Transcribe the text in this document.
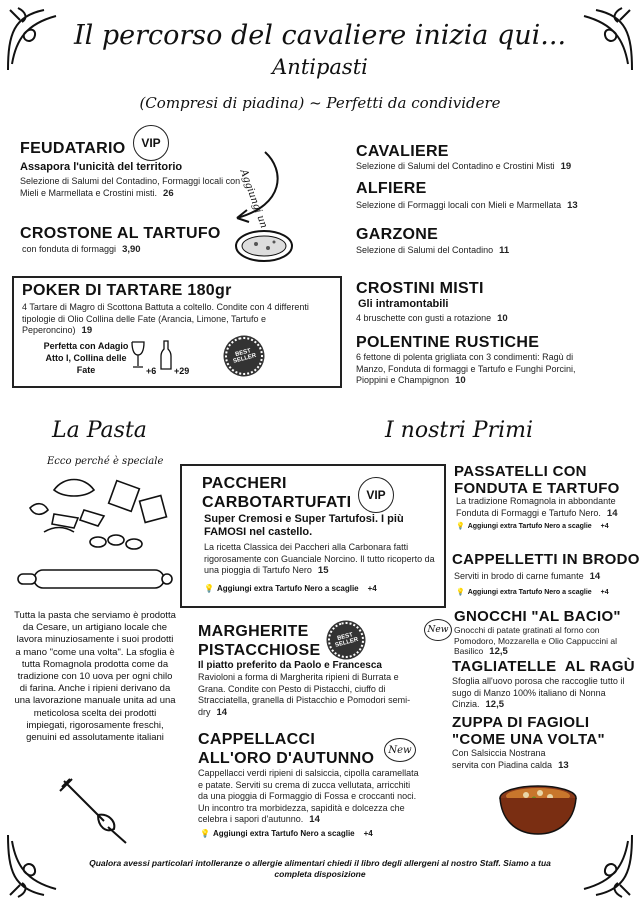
Il percorso del cavaliere inizia qui...
Antipasti
(Compresi di piadina) ~ Perfetti da condividere
FEUDATARIO	VIP
Assapora l'unicità del territorio
Selezione di Salumi del Contadino, Formaggi locali con Mieli e Marmellata e Crostini misti. 26	Aggiungi un
CROSTONE AL TARTUFO
con fonduta di formaggi 3,90
POKER DI TARTARE 180gr
4 Tartare di Magro di Scottona Battuta a coltello. Condite con 4 differenti tipologie di Olio Collina delle Fate (Arancia, Limone, Tartufo e Peperoncino) 19
Perfetta con Adagio Atto I, Collina delle Fate	+6 +29
BEST SELLER
CAVALIERE
Selezione di Salumi del Contadino e Crostini Misti 19
ALFIERE
Selezione di Formaggi locali con Mieli e Marmellata 13
GARZONE
Selezione di Salumi del Contadino 11
CROSTINI MISTI
Gli intramontabili
4 bruschette con gusti a rotazione 10
POLENTINE RUSTICHE
6 fettone di polenta grigliata con 3 condimenti: Ragù di Manzo, Fonduta di formaggi e Tartufo e Funghi Porcini, Pioppini e Champignon 10
La Pasta
Ecco perché è speciale
Tutta la pasta che serviamo è prodotta da Cesare, un artigiano locale che lavora minuziosamente i suoi prodotti a mano "come una volta". La sfoglia è tutta Romagnola prodotta come da tradizione con 10 uova per ogni chilo di farina. Anche i ripieni derivano da una lavorazione manuale unita ad una meticolosa scelta dei prodotti impiegati, rigorosamente freschi, genuini ed assolutamente italiani
I nostri Primi
PACCHERI CARBOTARTUFATI	VIP
Super Cremosi e Super Tartufosi. I più FAMOSI nel castello.
La ricetta Classica dei Paccheri alla Carbonara fatti rigorosamente con Guanciale Norcino. Il tutto ricoperto da una pioggia di Tartufo Nero 15
💡 Aggiungi extra Tartufo Nero a scaglie +4
MARGHERITE PISTACCHIOSE
BEST SELLER
Il piatto preferito da Paolo e Francesca
Ravioloni a forma di Margherita ripieni di Burrata e Grana. Condite con Pesto di Pistacchi, ciuffo di Stracciatella, granella di Pistacchio e Pomodori semi-dry 14
CAPPELLACCI ALL'ORO D'AUTUNNO	New
Cappellacci verdi ripieni di salsiccia, cipolla caramellata e patate. Serviti su crema di zucca vellutata, arricchiti da una pioggia di Formaggio di Fossa e croccanti noci. Un incontro tra morbidezza, sapidità e dolcezza che celebra i sapori d'autunno. 14
💡 Aggiungi extra Tartufo Nero a scaglie +4
PASSATELLI CON FONDUTA E TARTUFO
La tradizione Romagnola in abbondante Fonduta di Formaggi e Tartufo Nero. 14
💡 Aggiungi extra Tartufo Nero a scaglie +4
CAPPELLETTI IN BRODO
Serviti in brodo di carne fumante 14
💡 Aggiungi extra Tartufo Nero a scaglie +4
New
GNOCCHI "AL BACIO"
Gnocchi di patate gratinati al forno con Pomodoro, Mozzarella e Olio Cappuccini al Basilico 12,5
TAGLIATELLE  AL RAGÙ
Sfoglia all'uovo porosa che raccoglie tutto il sugo di Manzo 100% italiano di Nonna Cinzia. 12,5
ZUPPA DI FAGIOLI "COME UNA VOLTA"
Con Salsiccia Nostrana servita con Piadina calda 13
Qualora avessi particolari intolleranze o allergie alimentari chiedi il libro degli allergeni al nostro Staff. Siamo a tua completa disposizione
